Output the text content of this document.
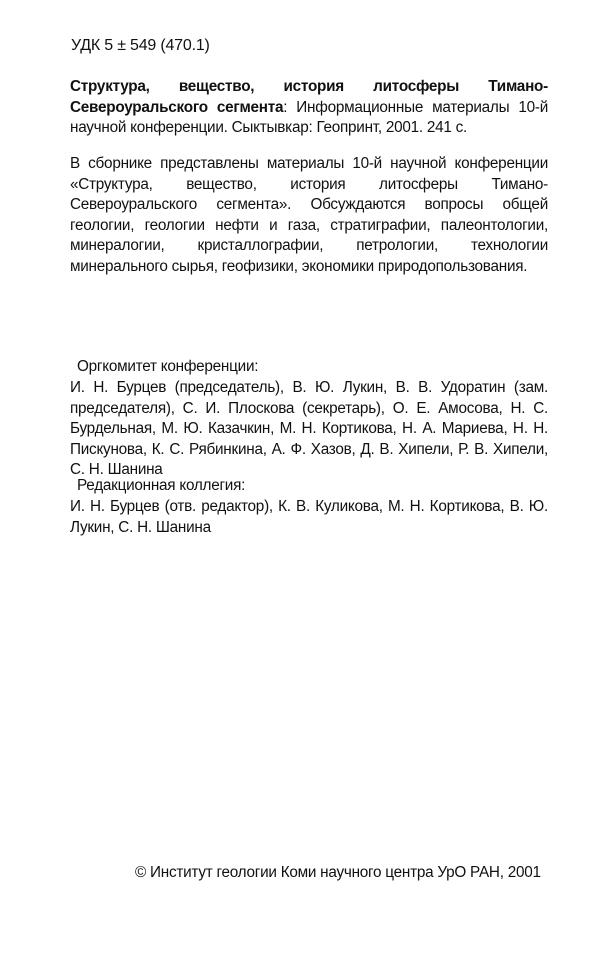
УДК 5 ± 549 (470.1)

Структура, вещество, история литосферы Тимано-Североуральского сегмента: Информационные материалы 10-й научной конференции. Сыктывкар: Геопринт, 2001. 241 с.

В сборнике представлены материалы 10-й научной конференции «Структура, вещество, история литосферы Тимано-Североуральского сегмента». Обсуждаются вопросы общей геологии, геологии нефти и газа, стратиграфии, палеонтологии, минералогии, кристаллографии, петрологии, технологии минерального сырья, геофизики, экономики природопользования.

Оргкомитет конференции:

И. Н. Бурцев (председатель), В. Ю. Лукин, В. В. Удоратин (зам. председателя), С. И. Плоскова (секретарь), О. Е. Амосова, Н. С. Бурдельная, М. Ю. Казачкин, М. Н. Кортикова, Н. А. Мариева, Н. Н. Пискунова, К. С. Рябинкина, А. Ф. Хазов, Д. В. Хипели, Р. В. Хипели, С. Н. Шанина

Редакционная коллегия:

И. Н. Бурцев (отв. редактор), К. В. Куликова, М. Н. Кортикова, В. Ю. Лукин, С. Н. Шанина

© Институт геологии Коми научного центра УрО РАН, 2001
